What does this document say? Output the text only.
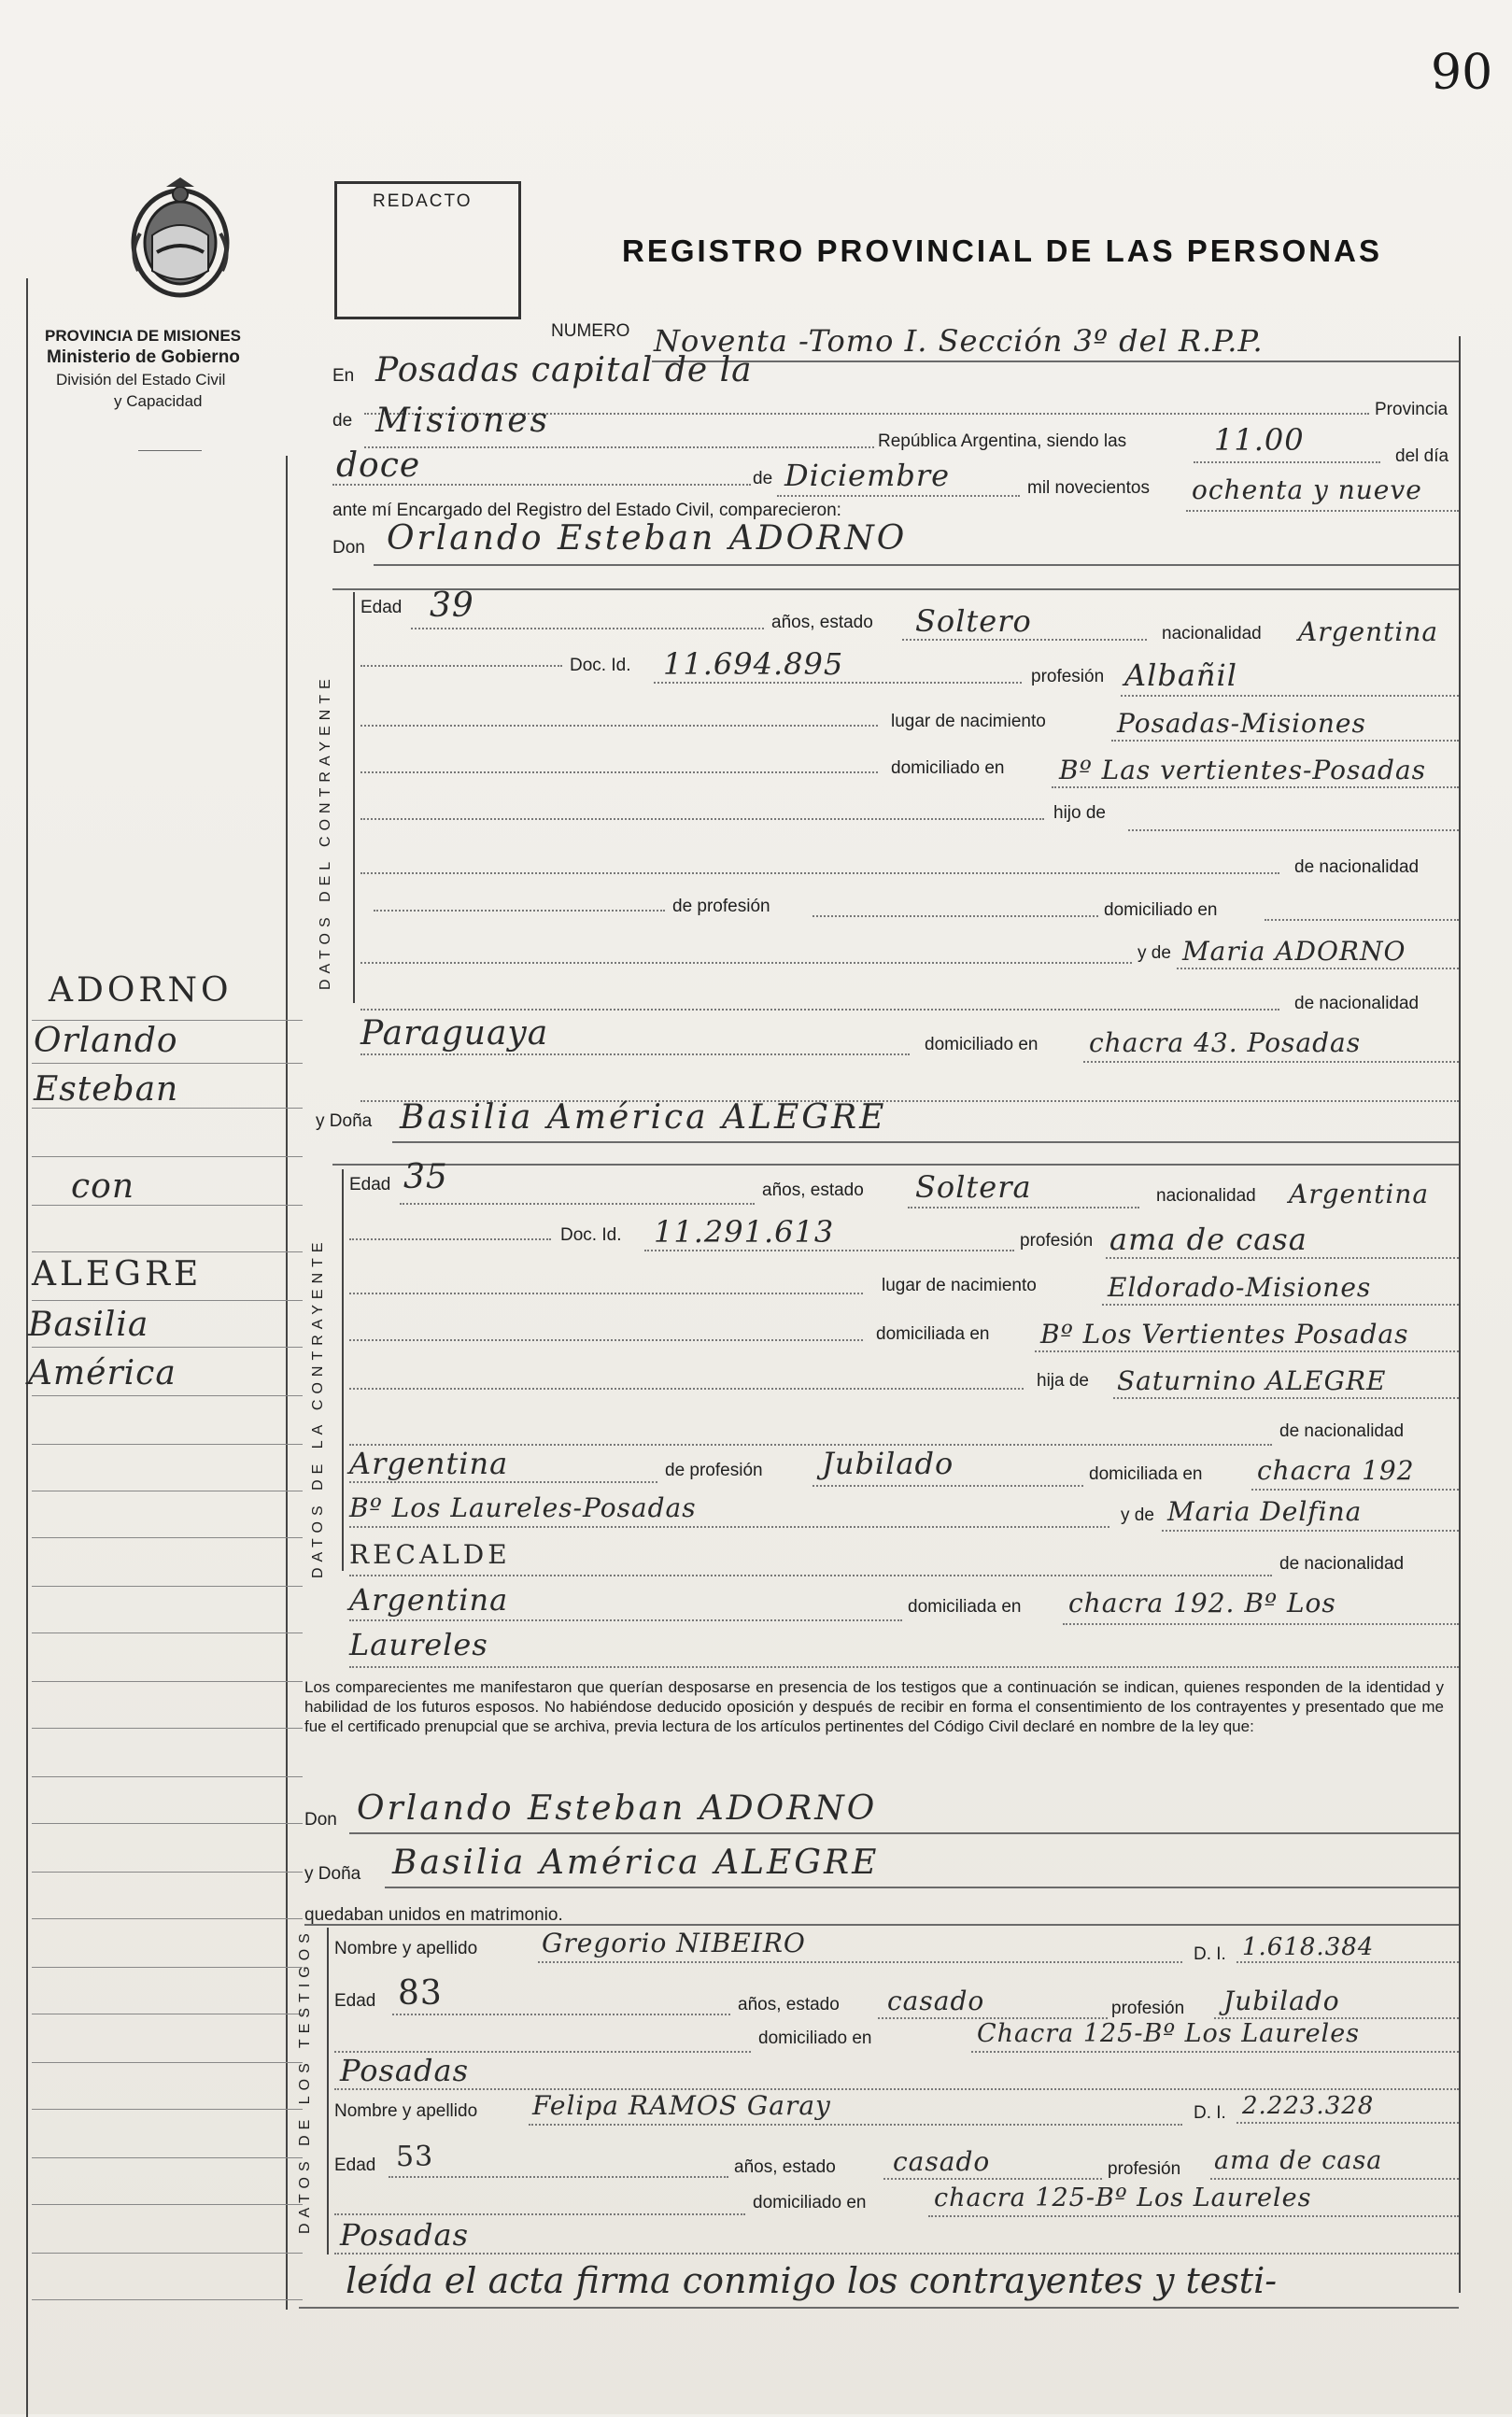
90
PROVINCIA DE MISIONES
Ministerio de Gobierno
División del Estado Civil
y Capacidad
REDACTO
REGISTRO PROVINCIAL DE LAS PERSONAS
ADORNO
Orlando
Esteban
con
ALEGRE
Basilia
América
NUMERO Noventa -Tomo I. Sección 3º del R.P.P.
En Posadas capital de la
Provincia
de Misiones
República Argentina, siendo las	11.00	del día
doce	de Diciembre	mil novecientos ochenta y nueve
ante mí Encargado del Registro del Estado Civil, comparecieron:
Don Orlando Esteban ADORNO
DATOS DEL CONTRAYENTE
Edad 39	años, estado Soltero	nacionalidad Argentina
Doc. Id. 11.694.895	profesión Albañil
lugar de nacimiento	Posadas-Misiones
domiciliado en Bº Las vertientes-Posadas
hijo de
de nacionalidad
de profesión	domiciliado en
y de Maria ADORNO
de nacionalidad
Paraguaya	domiciliado en chacra 43. Posadas
y Doña Basilia América ALEGRE
DATOS DE LA CONTRAYENTE
Edad 35	años, estado Soltera	nacionalidad Argentina
Doc. Id. 11.291.613	profesión ama de casa
lugar de nacimiento	Eldorado-Misiones
domiciliada en Bº Los Vertientes Posadas
hija de Saturnino ALEGRE
de nacionalidad
Argentina	de profesión Jubilado	domiciliada en chacra 192
Bº Los Laureles-Posadas	y de Maria Delfina
RECALDE	de nacionalidad
Argentina	domiciliada en chacra 192. Bº Los
Laureles
Los comparecientes me manifestaron que querían desposarse en presencia de los testigos que a continuación se indican, quienes responden de la identidad y habilidad de los futuros esposos. No habiéndose deducido oposición y después de recibir en forma el consentimiento de los contrayentes y presentado que me fue el certificado prenupcial que se archiva, previa lectura de los artículos pertinentes del Código Civil declaré en nombre de la ley que:
Don Orlando Esteban ADORNO
y Doña Basilia América ALEGRE
quedaban unidos en matrimonio.
DATOS DE LOS TESTIGOS Nombre y apellido Gregorio NIBEIRO	D. I. 1.618.384
Edad 83	años, estado casado	profesión Jubilado
domiciliado en	Chacra 125-Bº Los Laureles
Posadas
Nombre y apellido Felipa RAMOS Garay	D. I. 2.223.328
Edad 53	años, estado casado	profesión ama de casa
domiciliado en	chacra 125-Bº Los Laureles
Posadas
leída el acta firma conmigo los contrayentes y testi-
